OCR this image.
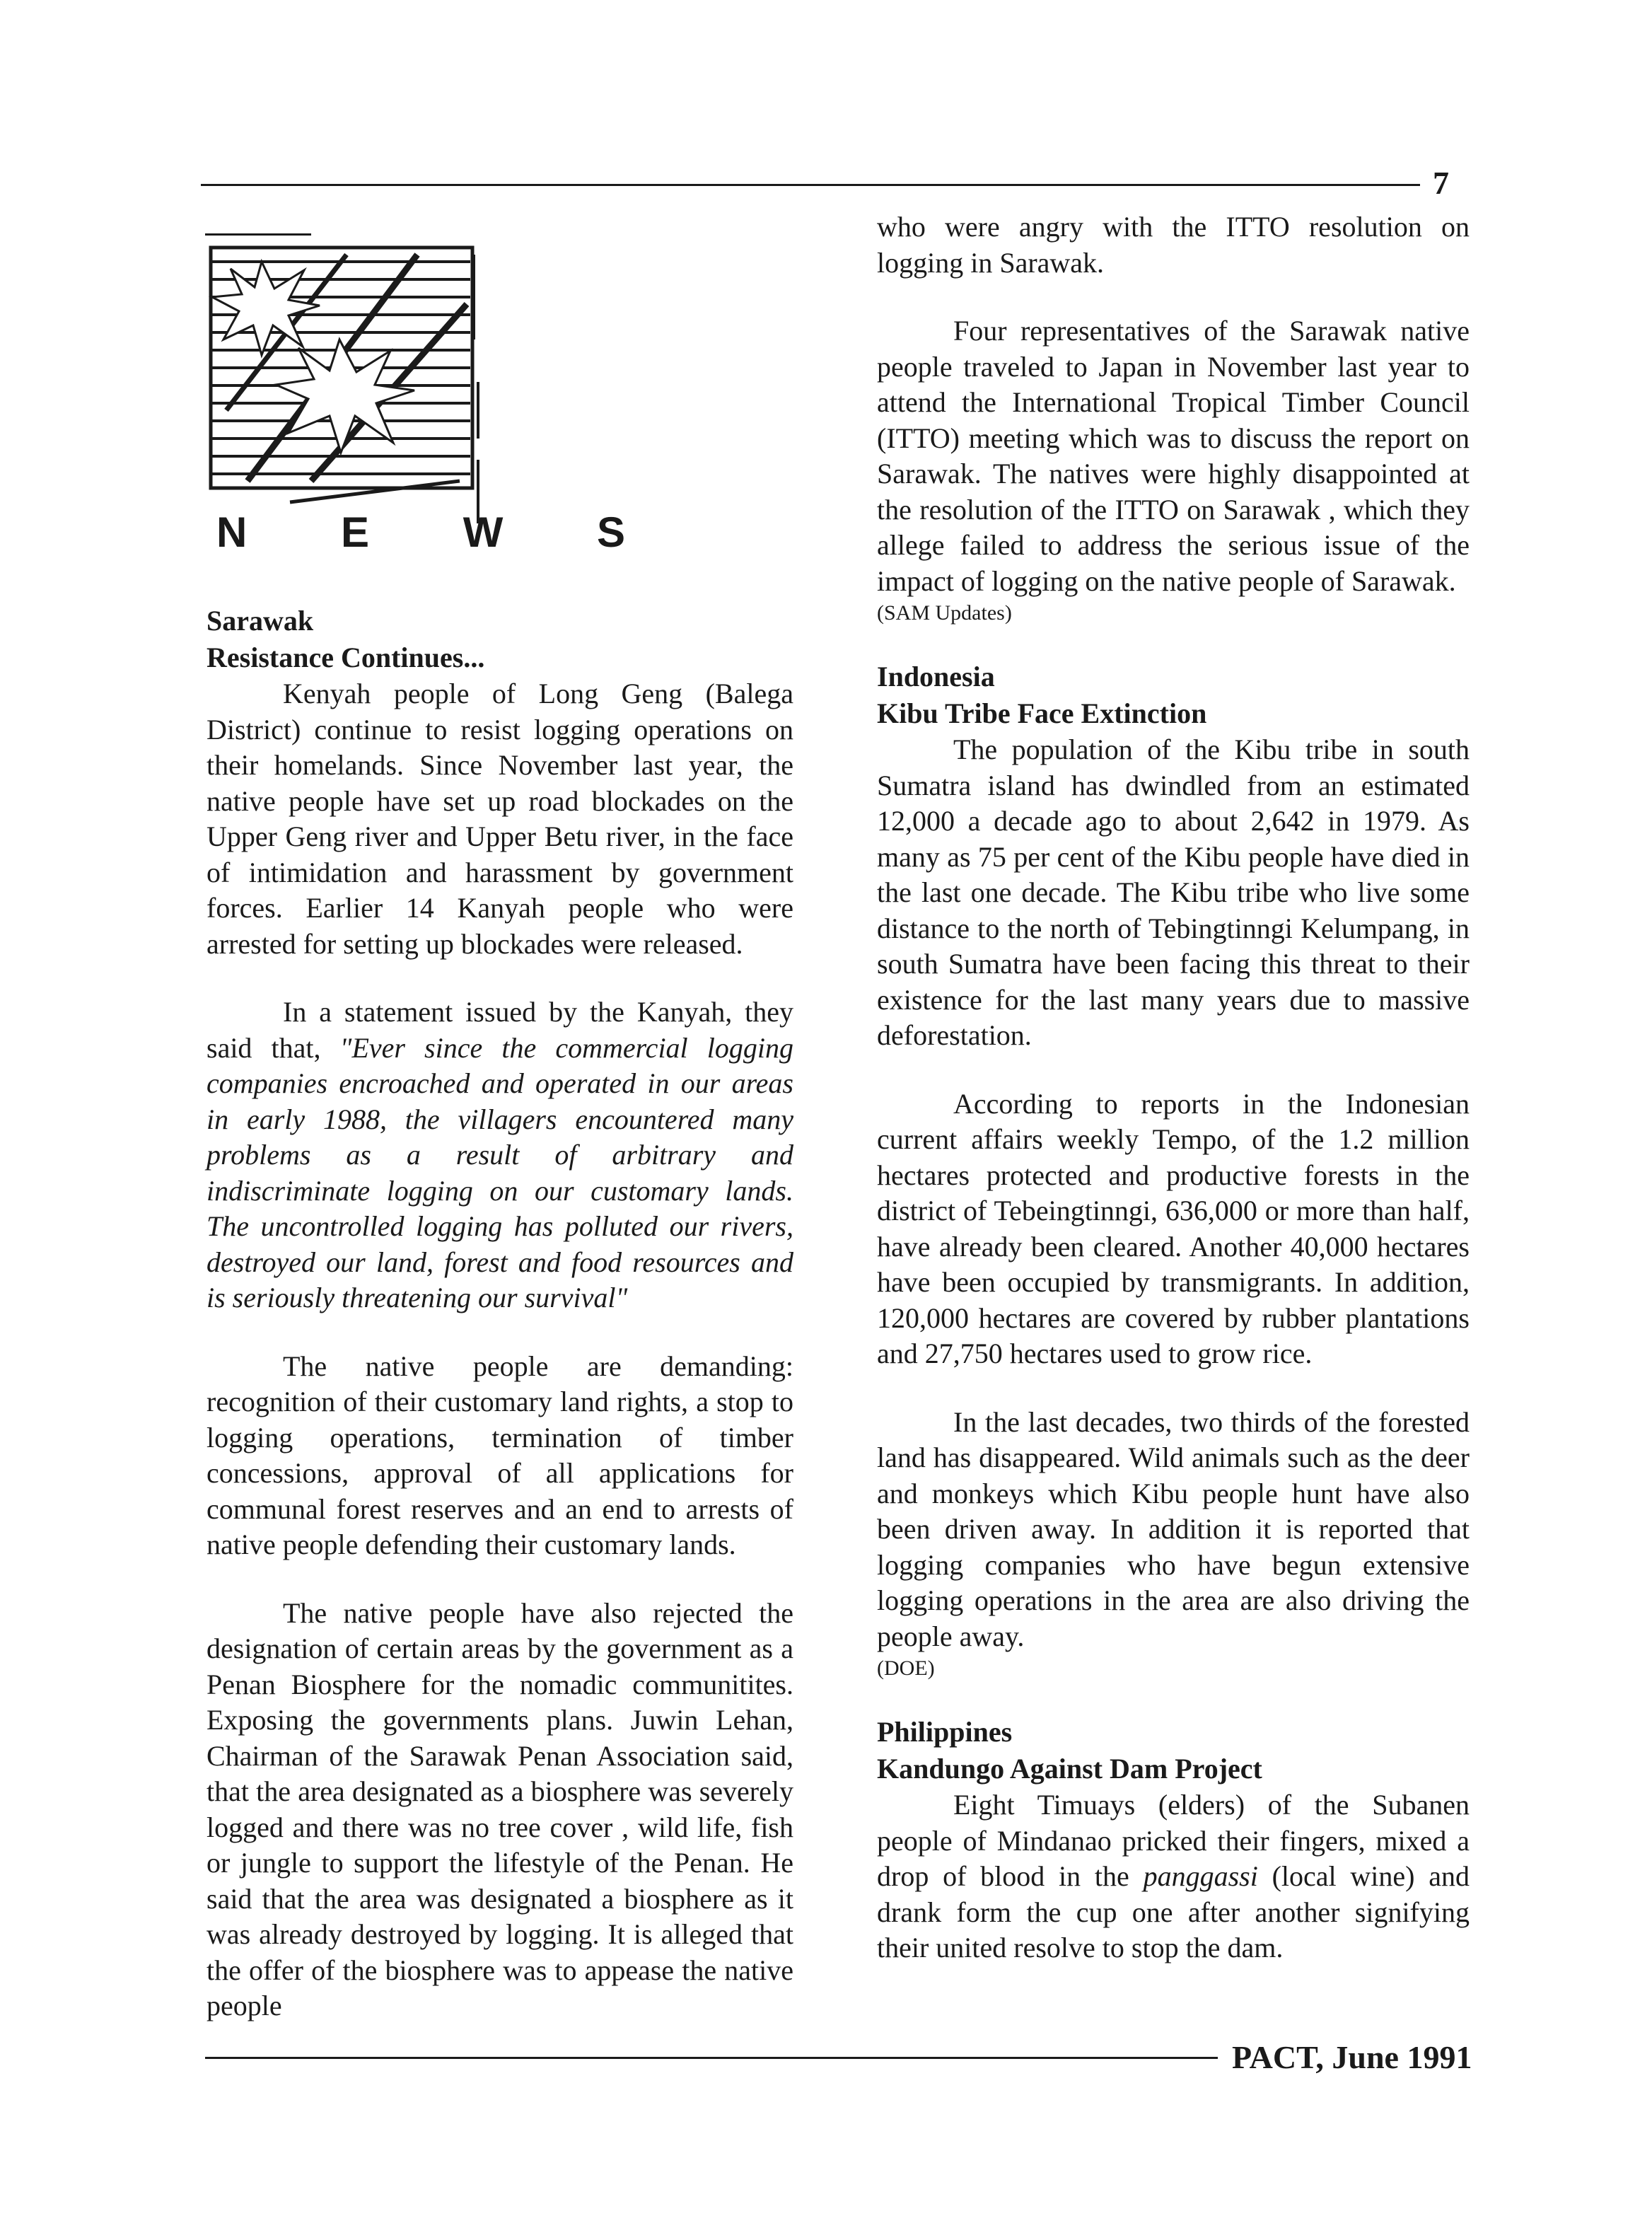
7
N E W S

Sarawak

Resistance Continues...

Kenyah people of Long Geng (Balega District) continue to resist logging operations on their homelands. Since November last year, the native people have set up road blockades on the Upper Geng river and Upper Betu river, in the face of intimidation and harassment by government forces. Earlier 14 Kanyah people who were arrested for setting up blockades were released.

In a statement issued by the Kanyah, they said that, "Ever since the commercial logging companies encroached and operated in our areas in early 1988, the villagers encountered many problems as a result of arbitrary and indiscriminate logging on our customary lands. The uncontrolled logging has polluted our rivers, destroyed our land, forest and food resources and is seriously threatening our survival"

The native people are demanding: recognition of their customary land rights, a stop to logging operations, termination of timber concessions, approval of all applications for communal forest reserves and an end to arrests of native people defending their customary lands.

The native people have also rejected the designation of certain areas by the government as a Penan Biosphere for the nomadic communitites. Exposing the governments plans. Juwin Lehan, Chairman of the Sarawak Penan Association said, that the area designated as a biosphere was severely logged and there was no tree cover , wild life, fish or jungle to support the lifestyle of the Penan. He said that the area was designated a biosphere as it was already destroyed by logging. It is alleged that the offer of the biosphere was to appease the native people

who were angry with the ITTO resolution on logging in Sarawak.

Four representatives of the Sarawak native people traveled to Japan in November last year to attend the International Tropical Timber Council (ITTO) meeting which was to discuss the report on Sarawak. The natives were highly disappointed at the resolution of the ITTO on Sarawak , which they allege failed to address the serious issue of the impact of logging on the native people of Sarawak.

(SAM Updates)

Indonesia

Kibu Tribe Face Extinction

The population of the Kibu tribe in south Sumatra island has dwindled from an estimated 12,000 a decade ago to about 2,642 in 1979. As many as 75 per cent of the Kibu people have died in the last one decade. The Kibu tribe who live some distance to the north of Tebingtinngi Kelumpang, in south Sumatra have been facing this threat to their existence for the last many years due to massive deforestation.

According to reports in the Indonesian current affairs weekly Tempo, of the 1.2 million hectares protected and productive forests in the district of Tebeingtinngi, 636,000 or more than half, have already been cleared. Another 40,000 hectares have been occupied by transmigrants. In addition, 120,000 hectares are covered by rubber plantations and 27,750 hectares used to grow rice.

In the last decades, two thirds of the forested land has disappeared. Wild animals such as the deer and monkeys which Kibu people hunt have also been driven away. In addition it is reported that logging companies who have begun extensive logging operations in the area are also driving the people away.

(DOE)

Philippines

Kandungo Against Dam Project

Eight Timuays (elders) of the Subanen people of Mindanao pricked their fingers, mixed a drop of blood in the panggassi (local wine) and drank form the cup one after another signifying their united resolve to stop the dam.

PACT, June 1991
